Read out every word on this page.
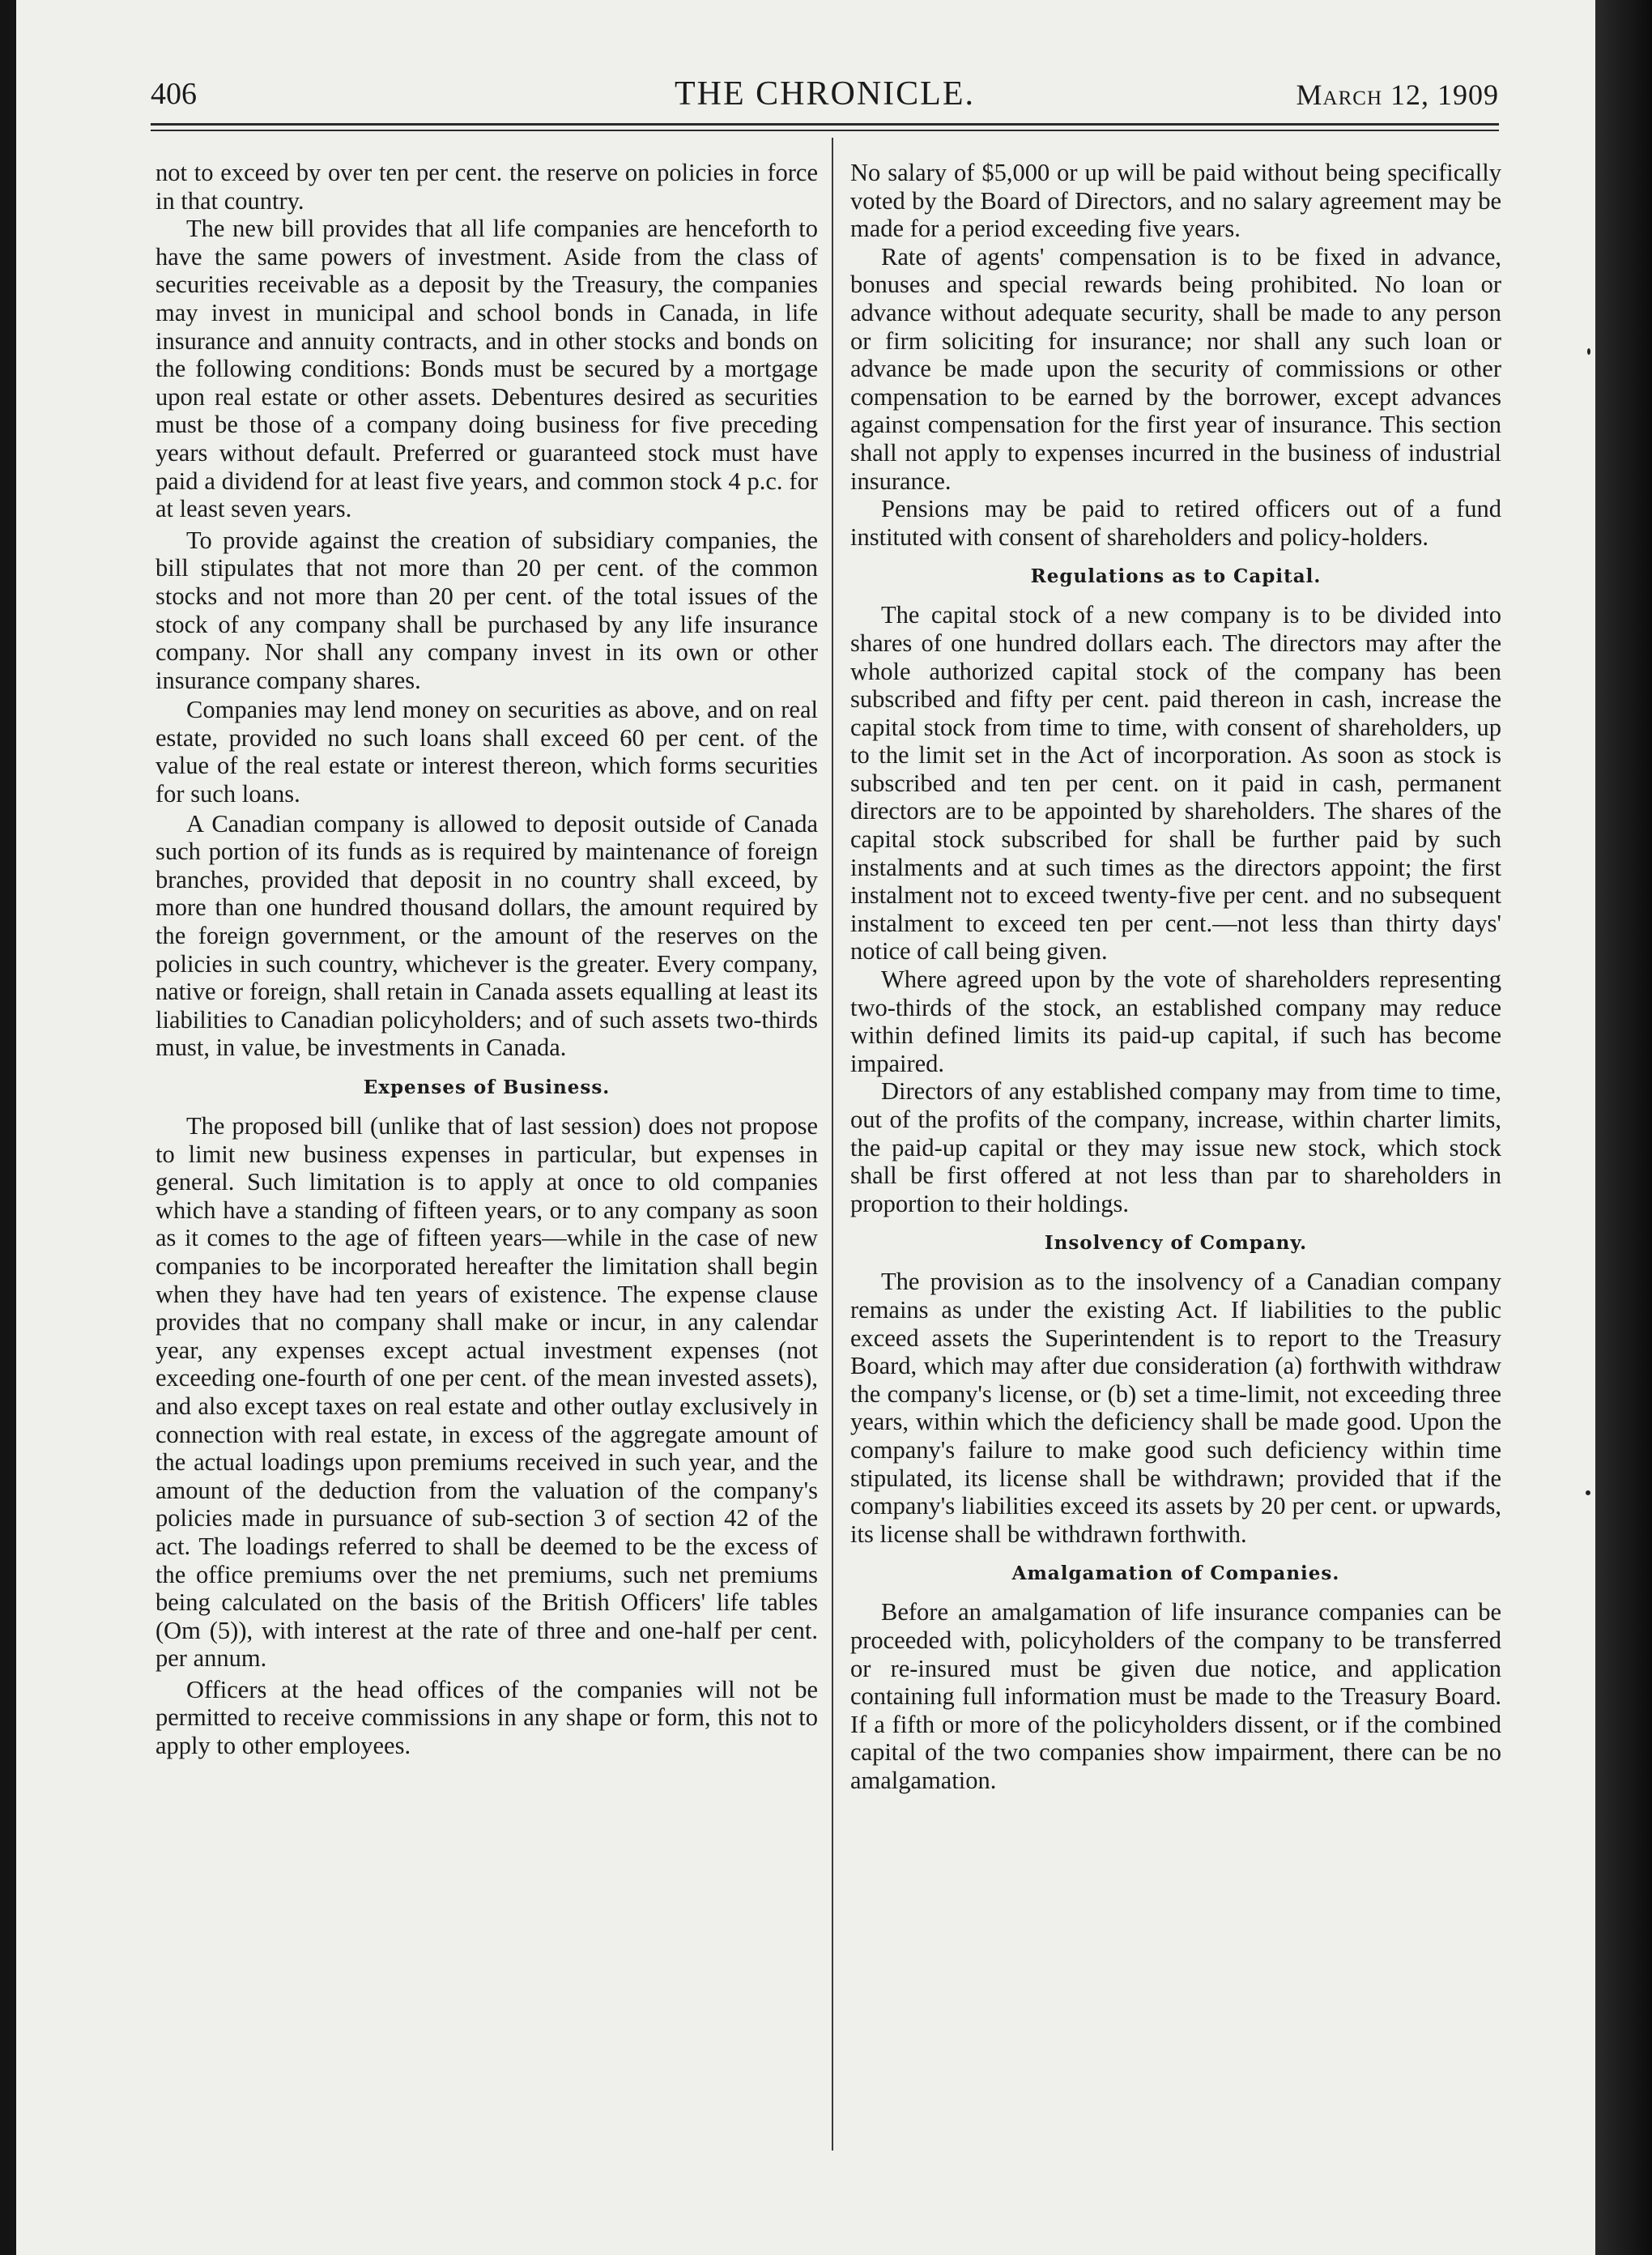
406	THE CHRONICLE.	March 12, 1909

not to exceed by over ten per cent. the reserve on policies in force in that country.

The new bill provides that all life companies are henceforth to have the same powers of investment. Aside from the class of securities receivable as a deposit by the Treasury, the companies may invest in municipal and school bonds in Canada, in life insurance and annuity contracts, and in other stocks and bonds on the following conditions: Bonds must be secured by a mortgage upon real estate or other assets. Debentures desired as securities must be those of a company doing business for five preceding years without default. Preferred or guaranteed stock must have paid a dividend for at least five years, and common stock 4 p.c. for at least seven years.

To provide against the creation of subsidiary companies, the bill stipulates that not more than 20 per cent. of the common stocks and not more than 20 per cent. of the total issues of the stock of any company shall be purchased by any life insurance company. Nor shall any company invest in its own or other insurance company shares.

Companies may lend money on securities as above, and on real estate, provided no such loans shall exceed 60 per cent. of the value of the real estate or interest thereon, which forms securities for such loans.

A Canadian company is allowed to deposit outside of Canada such portion of its funds as is required by maintenance of foreign branches, provided that deposit in no country shall exceed, by more than one hundred thousand dollars, the amount required by the foreign government, or the amount of the reserves on the policies in such country, whichever is the greater. Every company, native or foreign, shall retain in Canada assets equalling at least its liabilities to Canadian policyholders; and of such assets two-thirds must, in value, be investments in Canada.

Expenses of Business.

The proposed bill (unlike that of last session) does not propose to limit new business expenses in particular, but expenses in general. Such limitation is to apply at once to old companies which have a standing of fifteen years, or to any company as soon as it comes to the age of fifteen years—while in the case of new companies to be incorporated hereafter the limitation shall begin when they have had ten years of existence. The expense clause provides that no company shall make or incur, in any calendar year, any expenses except actual investment expenses (not exceeding one-fourth of one per cent. of the mean invested assets), and also except taxes on real estate and other outlay exclusively in connection with real estate, in excess of the aggregate amount of the actual loadings upon premiums received in such year, and the amount of the deduction from the valuation of the company's policies made in pursuance of sub-section 3 of section 42 of the act. The loadings referred to shall be deemed to be the excess of the office premiums over the net premiums, such net premiums being calculated on the basis of the British Officers' life tables (Om (5)), with interest at the rate of three and one-half per cent. per annum.

Officers at the head offices of the companies will not be permitted to receive commissions in any shape or form, this not to apply to other employees.

No salary of $5,000 or up will be paid without being specifically voted by the Board of Directors, and no salary agreement may be made for a period exceeding five years.

Rate of agents' compensation is to be fixed in advance, bonuses and special rewards being prohibited. No loan or advance without adequate security, shall be made to any person or firm soliciting for insurance; nor shall any such loan or advance be made upon the security of commissions or other compensation to be earned by the borrower, except advances against compensation for the first year of insurance. This section shall not apply to expenses incurred in the business of industrial insurance.

Pensions may be paid to retired officers out of a fund instituted with consent of shareholders and policy-holders.

Regulations as to Capital.

The capital stock of a new company is to be divided into shares of one hundred dollars each. The directors may after the whole authorized capital stock of the company has been subscribed and fifty per cent. paid thereon in cash, increase the capital stock from time to time, with consent of shareholders, up to the limit set in the Act of incorporation. As soon as stock is subscribed and ten per cent. on it paid in cash, permanent directors are to be appointed by shareholders. The shares of the capital stock subscribed for shall be further paid by such instalments and at such times as the directors appoint; the first instalment not to exceed twenty-five per cent. and no subsequent instalment to exceed ten per cent.—not less than thirty days' notice of call being given.

Where agreed upon by the vote of shareholders representing two-thirds of the stock, an established company may reduce within defined limits its paid-up capital, if such has become impaired.

Directors of any established company may from time to time, out of the profits of the company, increase, within charter limits, the paid-up capital or they may issue new stock, which stock shall be first offered at not less than par to shareholders in proportion to their holdings.

Insolvency of Company.

The provision as to the insolvency of a Canadian company remains as under the existing Act. If liabilities to the public exceed assets the Superintendent is to report to the Treasury Board, which may after due consideration (a) forthwith withdraw the company's license, or (b) set a time-limit, not exceeding three years, within which the deficiency shall be made good. Upon the company's failure to make good such deficiency within time stipulated, its license shall be withdrawn; provided that if the company's liabilities exceed its assets by 20 per cent. or upwards, its license shall be withdrawn forthwith.

Amalgamation of Companies.

Before an amalgamation of life insurance companies can be proceeded with, policyholders of the company to be transferred or re-insured must be given due notice, and application containing full information must be made to the Treasury Board. If a fifth or more of the policyholders dissent, or if the combined capital of the two companies show impairment, there can be no amalgamation.
